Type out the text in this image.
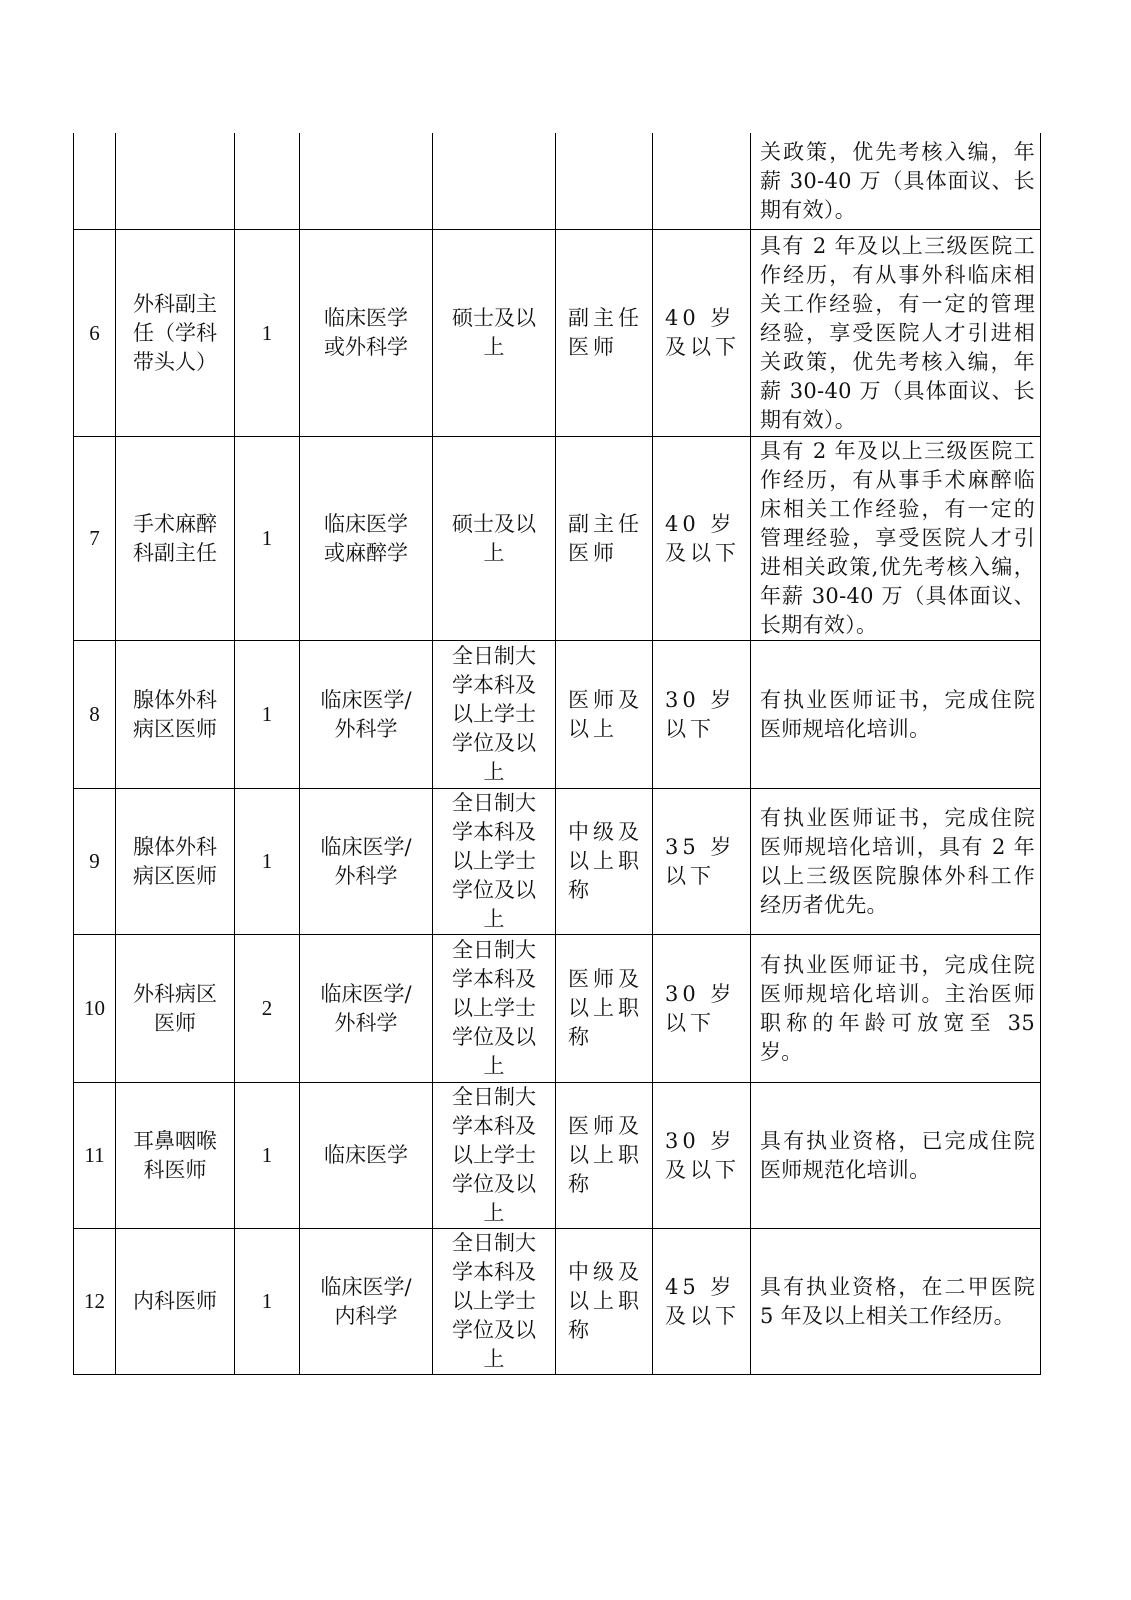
							关政策，优先考核入编，年薪 30-40 万（具体面议、长期有效）。

6	外科副主任（学科带头人）	1	临床医学或外科学	硕士及以上	副主任医师	40 岁及以下	具有 2 年及以上三级医院工作经历，有从事外科临床相关工作经验，有一定的管理经验，享受医院人才引进相关政策，优先考核入编，年薪 30-40 万（具体面议、长期有效）。

7	手术麻醉科副主任	1	临床医学或麻醉学	硕士及以上	副主任医师	40 岁及以下	具有 2 年及以上三级医院工作经历，有从事手术麻醉临床相关工作经验，有一定的管理经验，享受医院人才引进相关政策,优先考核入编，年薪 30-40 万（具体面议、长期有效）。

8	腺体外科病区医师	1	临床医学/外科学	全日制大学本科及以上学士学位及以上	医师及以上	30 岁以下	有执业医师证书，完成住院医师规培化培训。

9	腺体外科病区医师	1	临床医学/外科学	全日制大学本科及以上学士学位及以上	中级及以上职称	35 岁以下	有执业医师证书，完成住院医师规培化培训，具有 2 年以上三级医院腺体外科工作经历者优先。

10	外科病区医师	2	临床医学/外科学	全日制大学本科及以上学士学位及以上	医师及以上职称	30 岁以下	有执业医师证书，完成住院医师规培化培训。主治医师职称的年龄可放宽至 35 岁。

11	耳鼻咽喉科医师	1	临床医学	全日制大学本科及以上学士学位及以上	医师及以上职称	30 岁及以下	具有执业资格，已完成住院医师规范化培训。

12	内科医师	1	临床医学/内科学	全日制大学本科及以上学士学位及以上	中级及以上职称	45 岁及以下	具有执业资格，在二甲医院 5 年及以上相关工作经历。
